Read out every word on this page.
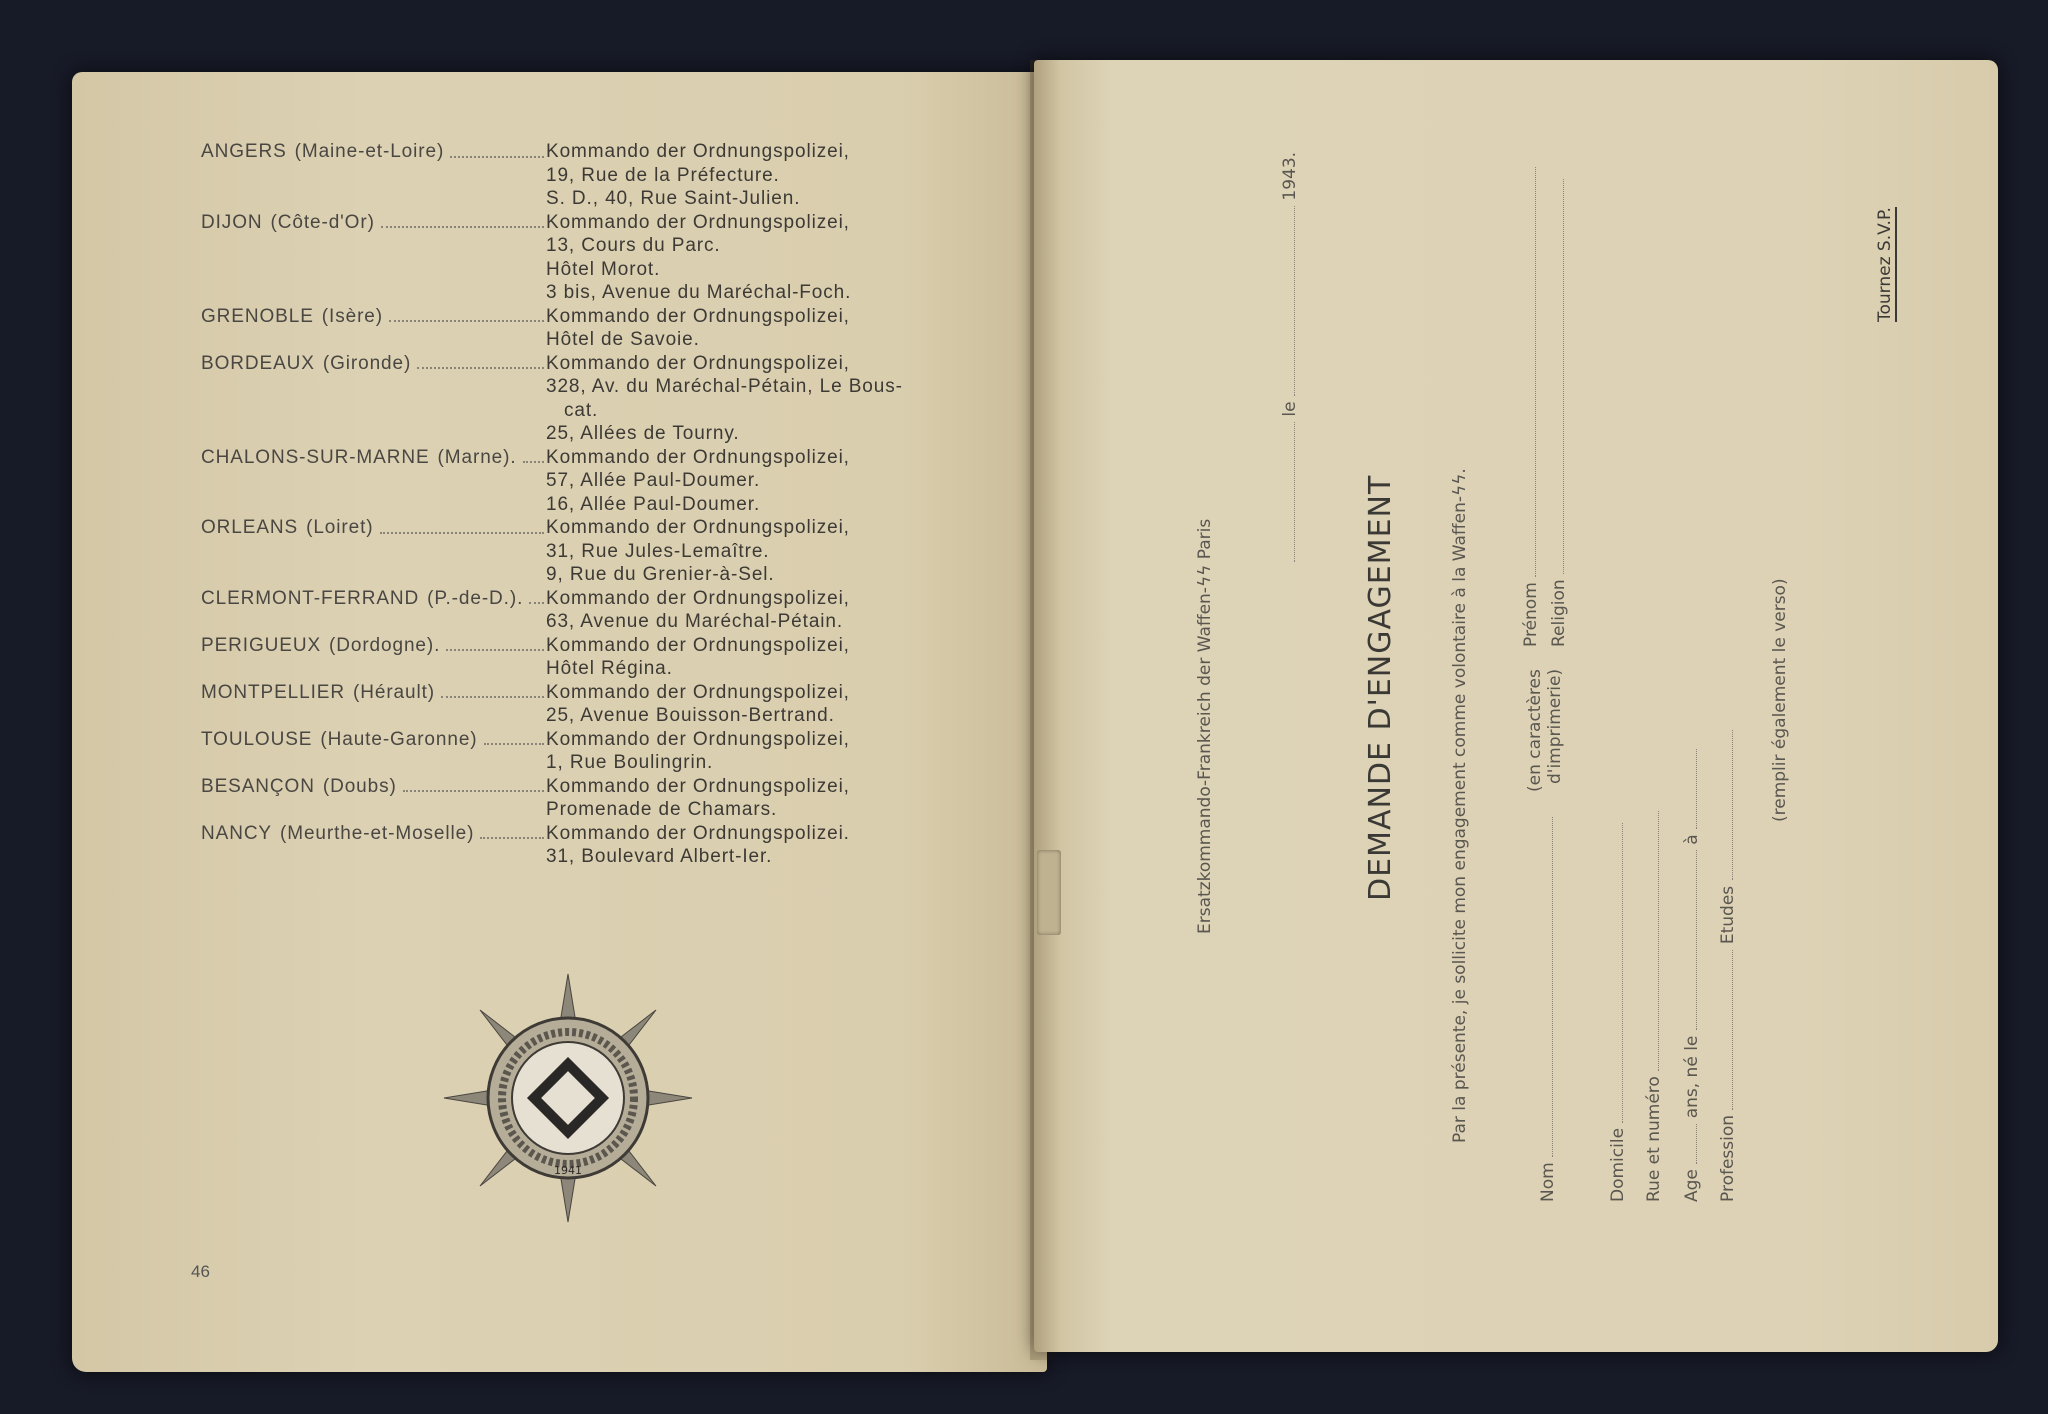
ANGERS (Maine-et-Loire)	Kommando der Ordnungspolizei,
19, Rue de la Préfecture.
S. D., 40, Rue Saint-Julien.
DIJON (Côte-d'Or)	Kommando der Ordnungspolizei,
13, Cours du Parc.
Hôtel Morot.
3 bis, Avenue du Maréchal-Foch.
GRENOBLE (Isère)	Kommando der Ordnungspolizei,
Hôtel de Savoie.
BORDEAUX (Gironde)	Kommando der Ordnungspolizei,
328, Av. du Maréchal-Pétain, Le Bous-
cat.
25, Allées de Tourny.
CHALONS-SUR-MARNE (Marne). Kommando der Ordnungspolizei,
57, Allée Paul-Doumer.
16, Allée Paul-Doumer.
ORLEANS (Loiret)	Kommando der Ordnungspolizei,
31, Rue Jules-Lemaître.
9, Rue du Grenier-à-Sel.
CLERMONT-FERRAND (P.-de-D.). Kommando der Ordnungspolizei,
63, Avenue du Maréchal-Pétain.
PERIGUEUX (Dordogne).	Kommando der Ordnungspolizei,
Hôtel Régina.
MONTPELLIER (Hérault)	Kommando der Ordnungspolizei,
25, Avenue Bouisson-Bertrand.
TOULOUSE (Haute-Garonne)	Kommando der Ordnungspolizei,
1, Rue Boulingrin.
BESANÇON (Doubs)	Kommando der Ordnungspolizei,
Promenade de Chamars.
NANCY (Meurthe-et-Moselle)	Kommando der Ordnungspolizei.
31, Boulevard Albert-Ier.
1941
46
Ersatzkommando-Frankreich der Waffen-ϟϟ Paris
le  1943.
DEMANDE D'ENGAGEMENT	Par la présente, je sollicite mon engagement comme volontaire à la Waffen-ϟϟ.
Nom
(en caractères d'imprimerie)
Prénom Religion
Domicile Rue et numéro Age  ans, né le  à
Profession  Etudes
(remplir également le verso)
Tournez S.V.P.
